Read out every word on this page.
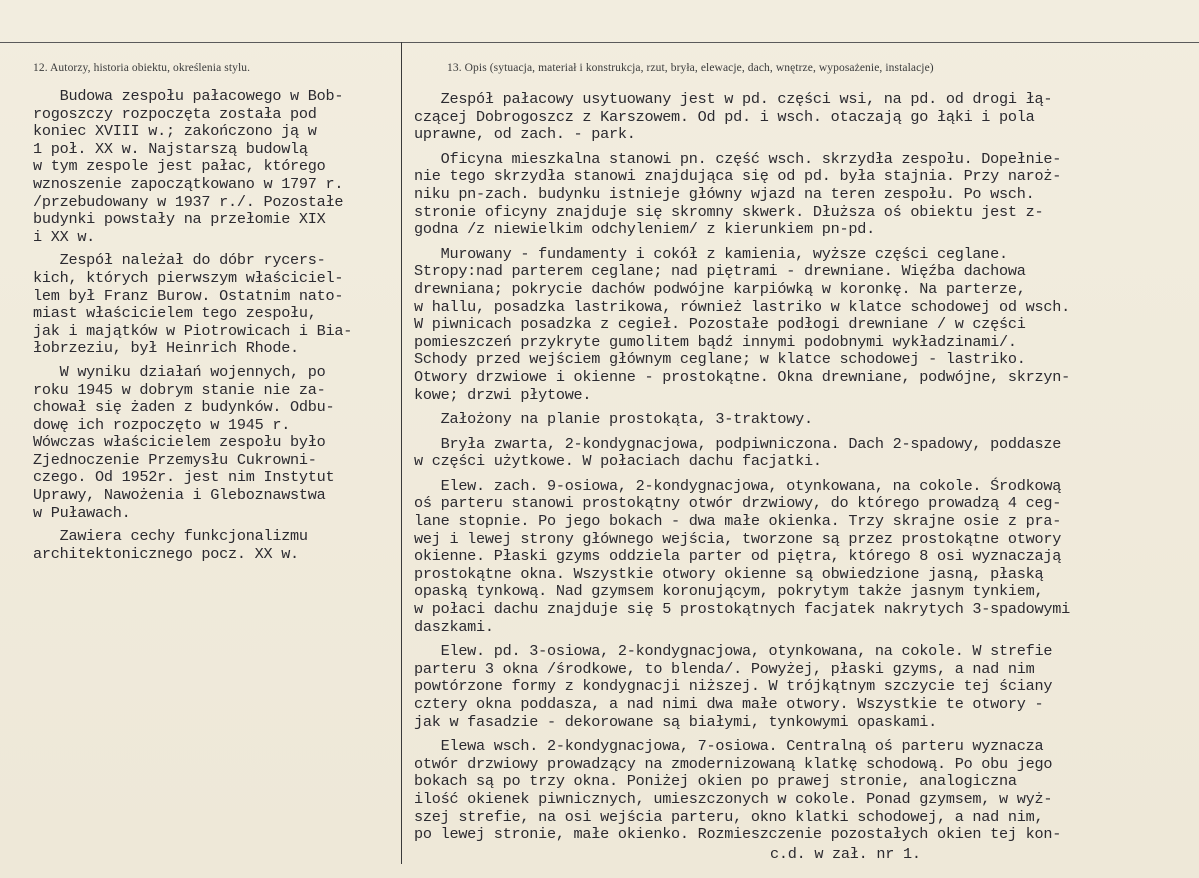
12. Autorzy, historia obiektu, określenia stylu.	13. Opis (sytuacja, materiał i konstrukcja, rzut, bryła, elewacje, dach, wnętrze, wyposażenie, instalacje)
Budowa zespołu pałacowego w Bob-
rogoszczy rozpoczęta została pod
koniec XVIII w.; zakończono ją w
1 poł. XX w. Najstarszą budowlą
w tym zespole jest pałac, którego
wznoszenie zapoczątkowano w 1797 r.
/przebudowany w 1937 r./. Pozostałe
budynki powstały na przełomie XIX
i XX w.
Zespół należał do dóbr rycers-
kich, których pierwszym właściciel-
lem był Franz Burow. Ostatnim nato-
miast właścicielem tego zespołu,
jak i majątków w Piotrowicach i Bia-
łobrzeziu, był Heinrich Rhode.
W wyniku działań wojennych, po
roku 1945 w dobrym stanie nie za-
chował się żaden z budynków. Odbu-
dowę ich rozpoczęto w 1945 r.
Wówczas właścicielem zespołu było
Zjednoczenie Przemysłu Cukrowni-
czego. Od 1952r. jest nim Instytut
Uprawy, Nawożenia i Gleboznawstwa
w Puławach.
Zawiera cechy funkcjonalizmu
architektonicznego pocz. XX w.
Zespół pałacowy usytuowany jest w pd. części wsi, na pd. od drogi łą-
czącej Dobrogoszcz z Karszowem. Od pd. i wsch. otaczają go łąki i pola
uprawne, od zach. - park.
Oficyna mieszkalna stanowi pn. część wsch. skrzydła zespołu. Dopełnie-
nie tego skrzydła stanowi znajdująca się od pd. była stajnia. Przy naroż-
niku pn-zach. budynku istnieje główny wjazd na teren zespołu. Po wsch.
stronie oficyny znajduje się skromny skwerk. Dłuższa oś obiektu jest z-
godna /z niewielkim odchyleniem/ z kierunkiem pn-pd.
Murowany - fundamenty i cokół z kamienia, wyższe części ceglane.
Stropy:nad parterem ceglane; nad piętrami - drewniane. Więźba dachowa
drewniana; pokrycie dachów podwójne karpiówką w koronkę. Na parterze,
w hallu, posadzka lastrikowa, również lastriko w klatce schodowej od wsch.
W piwnicach posadzka z cegieł. Pozostałe podłogi drewniane / w części
pomieszczeń przykryte gumolitem bądź innymi podobnymi wykładzinami/.
Schody przed wejściem głównym ceglane; w klatce schodowej - lastriko.
Otwory drzwiowe i okienne - prostokątne. Okna drewniane, podwójne, skrzyn-
kowe; drzwi płytowe.
Założony na planie prostokąta, 3-traktowy.
Bryła zwarta, 2-kondygnacjowa, podpiwniczona. Dach 2-spadowy, poddasze
w części użytkowe. W połaciach dachu facjatki.
Elew. zach. 9-osiowa, 2-kondygnacjowa, otynkowana, na cokole. Środkową
oś parteru stanowi prostokątny otwór drzwiowy, do którego prowadzą 4 ceg-
lane stopnie. Po jego bokach - dwa małe okienka. Trzy skrajne osie z pra-
wej i lewej strony głównego wejścia, tworzone są przez prostokątne otwory
okienne. Płaski gzyms oddziela parter od piętra, którego 8 osi wyznaczają
prostokątne okna. Wszystkie otwory okienne są obwiedzione jasną, płaską
opaską tynkową. Nad gzymsem koronującym, pokrytym także jasnym tynkiem,
w połaci dachu znajduje się 5 prostokątnych facjatek nakrytych 3-spadowymi
daszkami.
Elew. pd. 3-osiowa, 2-kondygnacjowa, otynkowana, na cokole. W strefie
parteru 3 okna /środkowe, to blenda/. Powyżej, płaski gzyms, a nad nim
powtórzone formy z kondygnacji niższej. W trójkątnym szczycie tej ściany
cztery okna poddasza, a nad nimi dwa małe otwory. Wszystkie te otwory -
jak w fasadzie - dekorowane są białymi, tynkowymi opaskami.
Elewa wsch. 2-kondygnacjowa, 7-osiowa. Centralną oś parteru wyznacza
otwór drzwiowy prowadzący na zmodernizowaną klatkę schodową. Po obu jego
bokach są po trzy okna. Poniżej okien po prawej stronie, analogiczna
ilość okienek piwnicznych, umieszczonych w cokole. Ponad gzymsem, w wyż-
szej strefie, na osi wejścia parteru, okno klatki schodowej, a nad nim,
po lewej stronie, małe okienko. Rozmieszczenie pozostałych okien tej kon-
c.d. w zał. nr 1.
